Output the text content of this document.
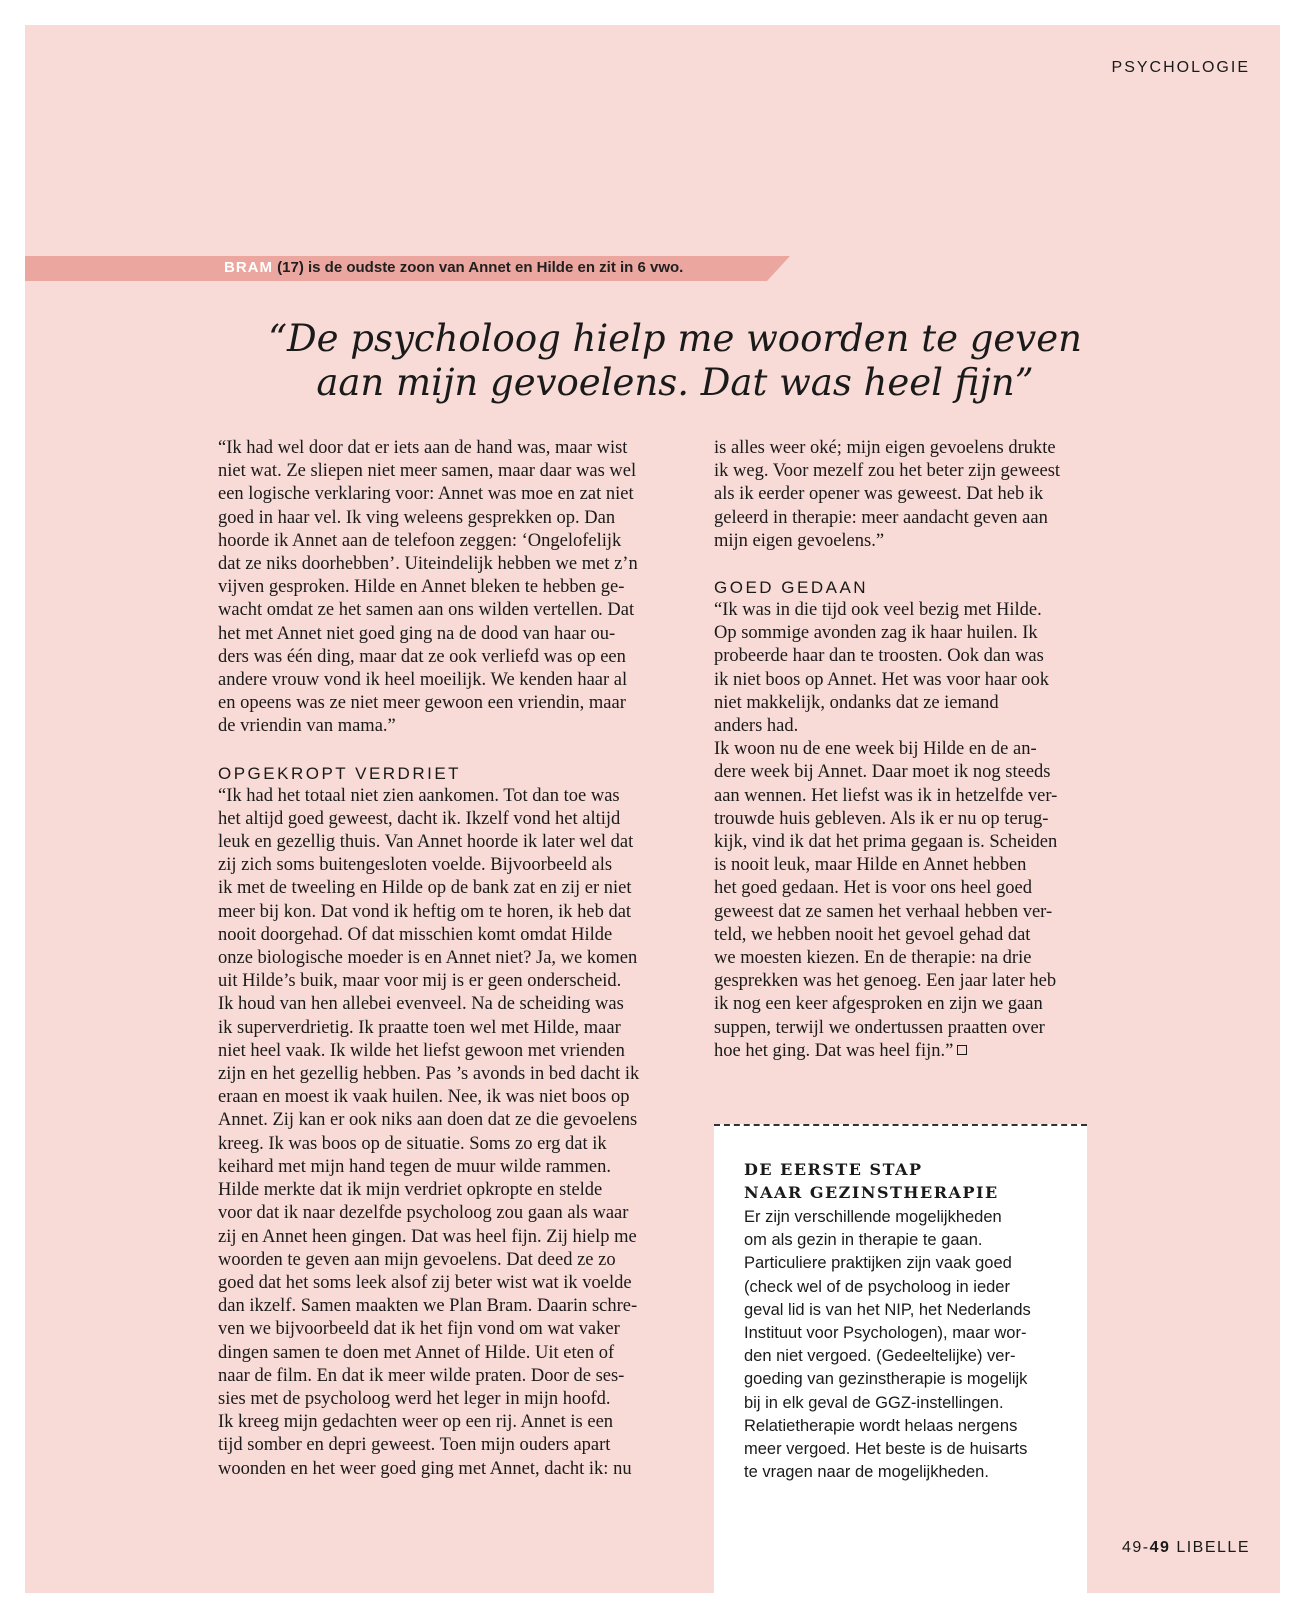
PSYCHOLOGIE
BRAM (17) is de oudste zoon van Annet en Hilde en zit in 6 vwo.
“De psycholoog hielp me woorden te geven
aan mijn gevoelens. Dat was heel fijn”

“Ik had wel door dat er iets aan de hand was, maar wist
niet wat. Ze sliepen niet meer samen, maar daar was wel
een logische verklaring voor: Annet was moe en zat niet
goed in haar vel. Ik ving weleens gesprekken op. Dan
hoorde ik Annet aan de telefoon zeggen: ‘Ongelofelijk
dat ze niks doorhebben’. Uiteindelijk hebben we met z’n
vijven gesproken. Hilde en Annet bleken te hebben ge-
wacht omdat ze het samen aan ons wilden vertellen. Dat
het met Annet niet goed ging na de dood van haar ou-
ders was één ding, maar dat ze ook verliefd was op een
andere vrouw vond ik heel moeilijk. We kenden haar al
en opeens was ze niet meer gewoon een vriendin, maar
de vriendin van mama.”

OPGEKROPT VERDRIET

“Ik had het totaal niet zien aankomen. Tot dan toe was
het altijd goed geweest, dacht ik. Ikzelf vond het altijd
leuk en gezellig thuis. Van Annet hoorde ik later wel dat
zij zich soms buitengesloten voelde. Bijvoorbeeld als
ik met de tweeling en Hilde op de bank zat en zij er niet
meer bij kon. Dat vond ik heftig om te horen, ik heb dat
nooit doorgehad. Of dat misschien komt omdat Hilde
onze biologische moeder is en Annet niet? Ja, we komen
uit Hilde’s buik, maar voor mij is er geen onderscheid.
Ik houd van hen allebei evenveel. Na de scheiding was
ik superverdrietig. Ik praatte toen wel met Hilde, maar
niet heel vaak. Ik wilde het liefst gewoon met vrienden
zijn en het gezellig hebben. Pas ’s avonds in bed dacht ik
eraan en moest ik vaak huilen. Nee, ik was niet boos op
Annet. Zij kan er ook niks aan doen dat ze die gevoelens
kreeg. Ik was boos op de situatie. Soms zo erg dat ik
keihard met mijn hand tegen de muur wilde rammen.
Hilde merkte dat ik mijn verdriet opkropte en stelde
voor dat ik naar dezelfde psycholoog zou gaan als waar
zij en Annet heen gingen. Dat was heel fijn. Zij hielp me
woorden te geven aan mijn gevoelens. Dat deed ze zo
goed dat het soms leek alsof zij beter wist wat ik voelde
dan ikzelf. Samen maakten we Plan Bram. Daarin schre-
ven we bijvoorbeeld dat ik het fijn vond om wat vaker
dingen samen te doen met Annet of Hilde. Uit eten of
naar de film. En dat ik meer wilde praten. Door de ses-
sies met de psycholoog werd het leger in mijn hoofd.
Ik kreeg mijn gedachten weer op een rij. Annet is een
tijd somber en depri geweest. Toen mijn ouders apart
woonden en het weer goed ging met Annet, dacht ik: nu

is alles weer oké; mijn eigen gevoelens drukte
ik weg. Voor mezelf zou het beter zijn geweest
als ik eerder opener was geweest. Dat heb ik
geleerd in therapie: meer aandacht geven aan
mijn eigen gevoelens.”

GOED GEDAAN

“Ik was in die tijd ook veel bezig met Hilde.
Op sommige avonden zag ik haar huilen. Ik
probeerde haar dan te troosten. Ook dan was
ik niet boos op Annet. Het was voor haar ook
niet makkelijk, ondanks dat ze iemand
anders had.
Ik woon nu de ene week bij Hilde en de an-
dere week bij Annet. Daar moet ik nog steeds
aan wennen. Het liefst was ik in hetzelfde ver-
trouwde huis gebleven. Als ik er nu op terug-
kijk, vind ik dat het prima gegaan is. Scheiden
is nooit leuk, maar Hilde en Annet hebben
het goed gedaan. Het is voor ons heel goed
geweest dat ze samen het verhaal hebben ver-
teld, we hebben nooit het gevoel gehad dat
we moesten kiezen. En de therapie: na drie
gesprekken was het genoeg. Een jaar later heb
ik nog een keer afgesproken en zijn we gaan
suppen, terwijl we ondertussen praatten over
hoe het ging. Dat was heel fijn.”

DE EERSTE STAP
NAAR GEZINSTHERAPIE

Er zijn verschillende mogelijkheden
om als gezin in therapie te gaan.
Particuliere praktijken zijn vaak goed
(check wel of de psycholoog in ieder
geval lid is van het NIP, het Nederlands
Instituut voor Psychologen), maar wor-
den niet vergoed. (Gedeeltelijke) ver-
goeding van gezinstherapie is mogelijk
bij in elk geval de GGZ-instellingen.
Relatietherapie wordt helaas nergens
meer vergoed. Het beste is de huisarts
te vragen naar de mogelijkheden.

49-49 LIBELLE
